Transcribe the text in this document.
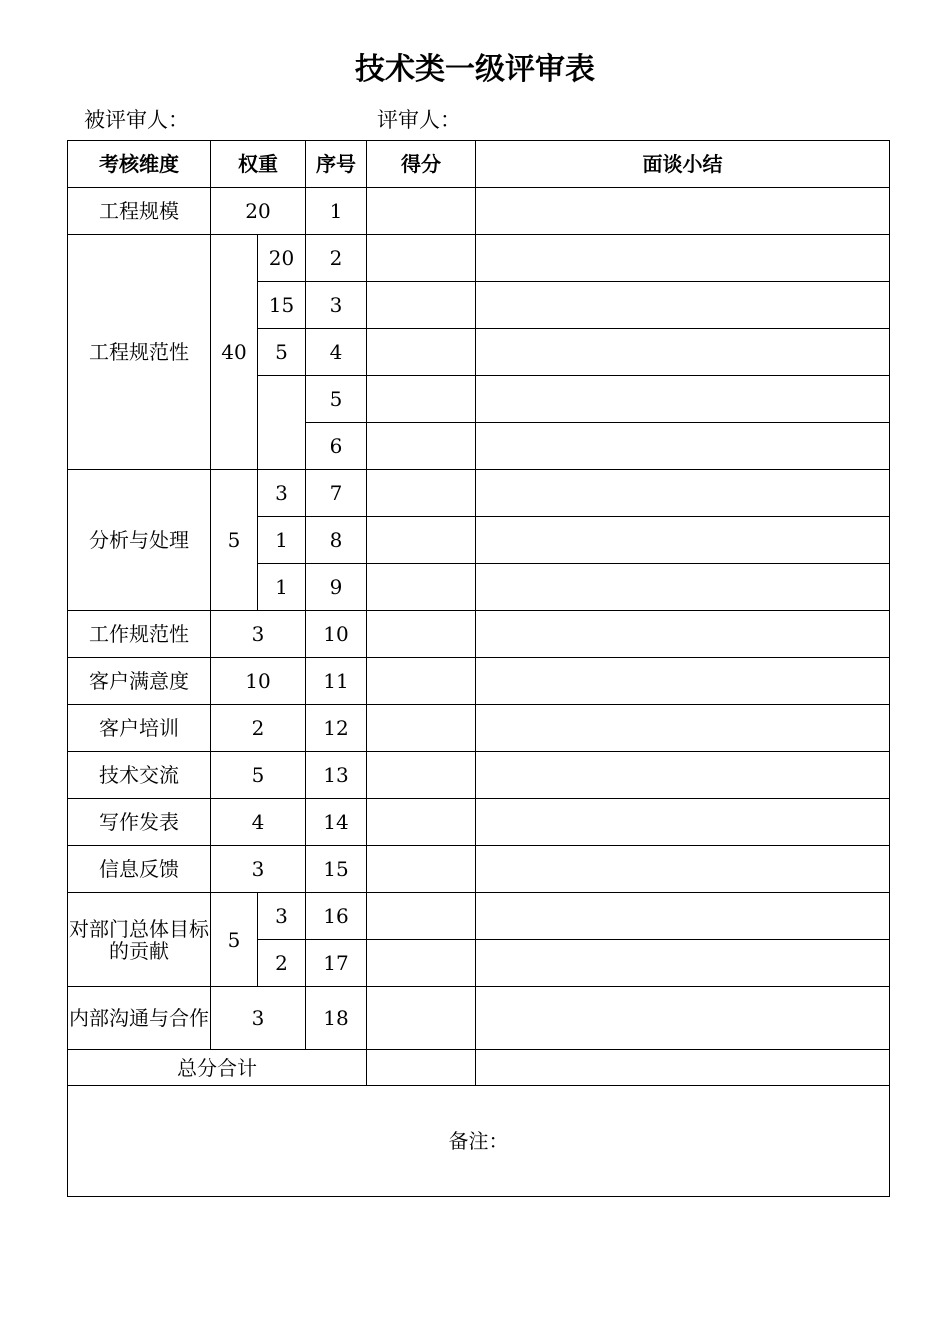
技术类一级评审表
被评审人：	评审人：
考核维度	权重		序号	得分	面谈小结
工程规模	20		1		
工程规范性	40	20	2		
		15	3		
		5	4		
			5		
			6		
分析与处理	5	3	7		
		1	8		
		1	9		
工作规范性	3		10		
客户满意度	10		11		
客户培训	2		12		
技术交流	5		13		
写作发表	4		14		
信息反馈	3		15		
对部门总体目标的贡献	5	3	16		
		2	17		
内部沟通与合作	3		18		
总分合计					
备注：					
